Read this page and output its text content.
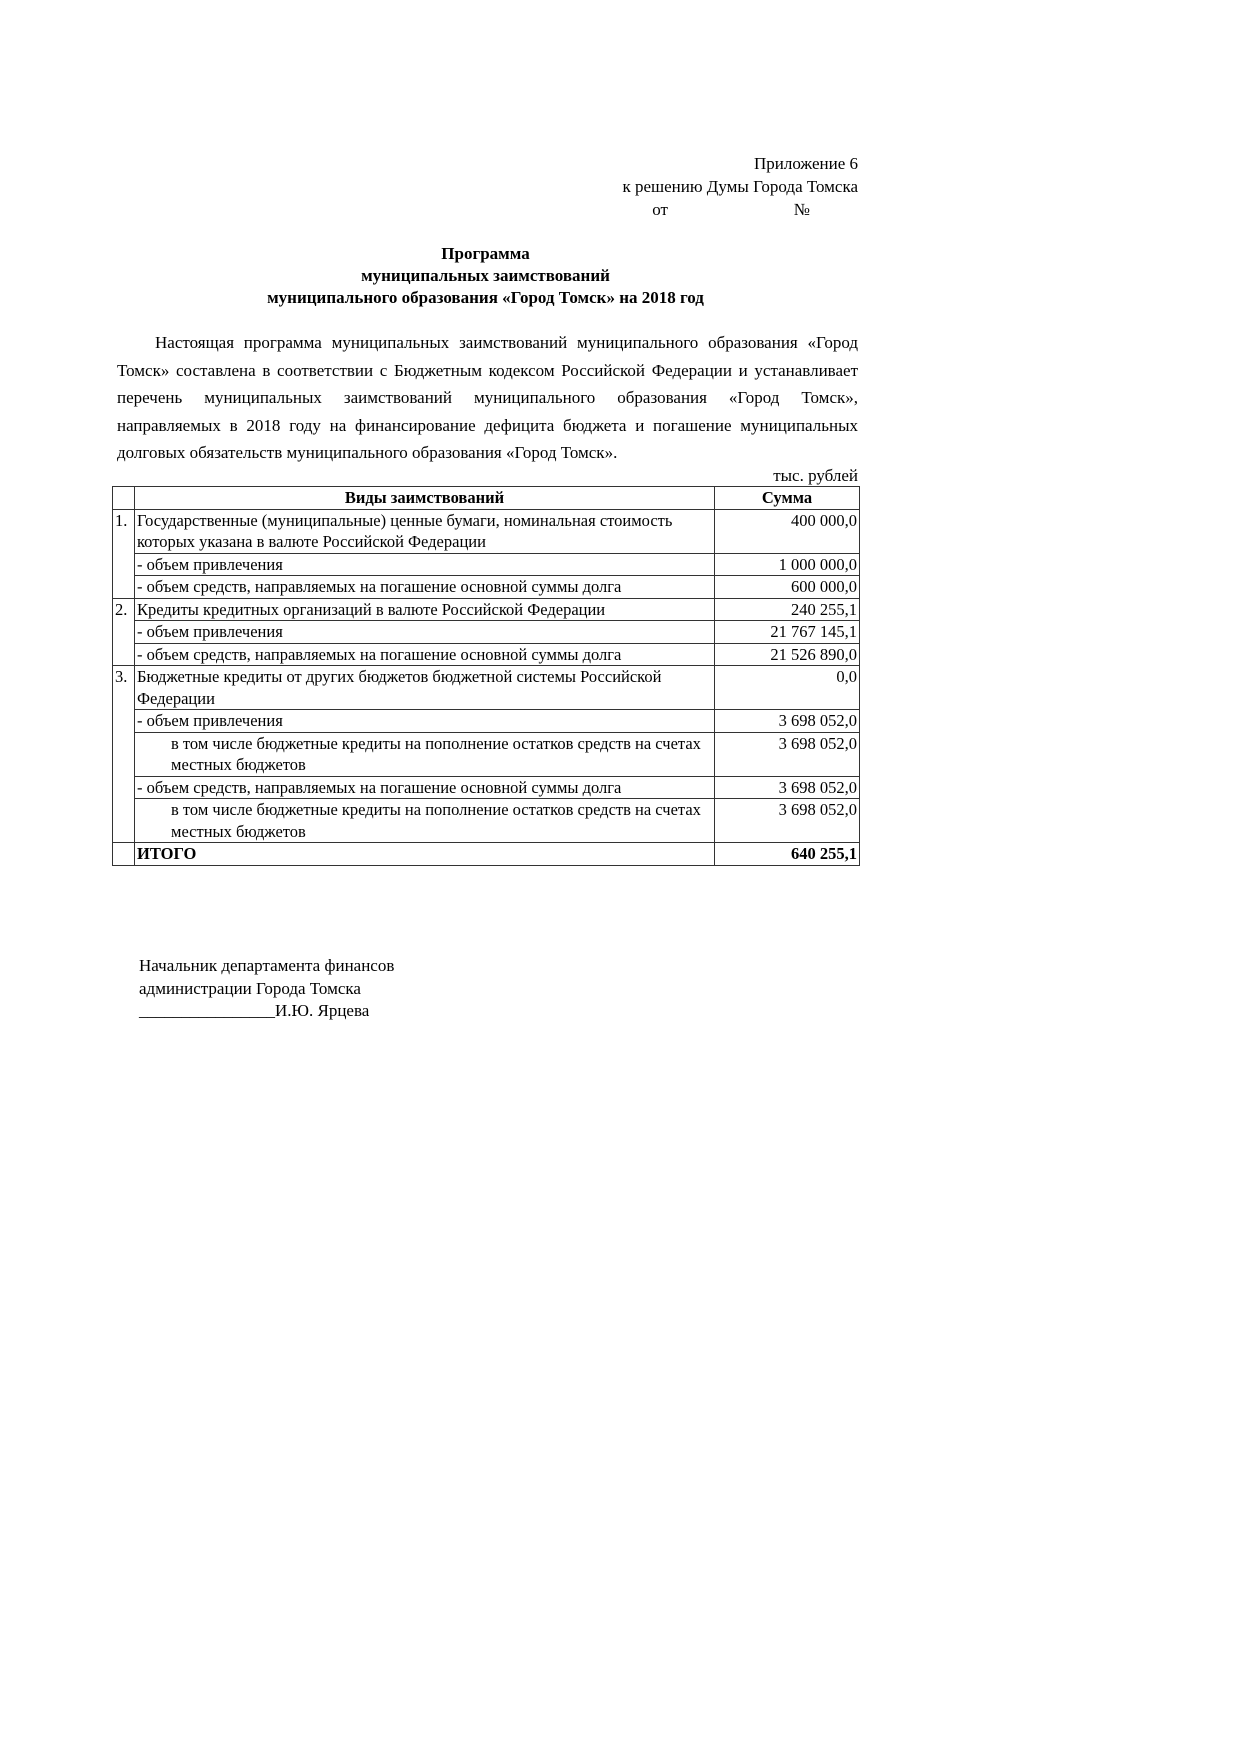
Приложение 6
к решению Думы Города Томска
от	№
Программа
муниципальных заимствований
муниципального образования «Город Томск» на 2018 год

Настоящая программа муниципальных заимствований муниципального образования «Город Томск» составлена в соответствии с Бюджетным кодексом Российской Федерации и устанавливает перечень муниципальных заимствований муниципального образования «Город Томск», направляемых в 2018 году на финансирование дефицита бюджета и погашение муниципальных долговых обязательств муниципального образования «Город Томск».

тыс. рублей
	Виды заимствований	Сумма
1.	Государственные (муниципальные) ценные бумаги, номинальная стоимость которых указана в валюте Российской Федерации	400 000,0
	- объем привлечения	1 000 000,0
	- объем средств, направляемых на погашение основной суммы долга	600 000,0
2.	Кредиты кредитных организаций в валюте Российской Федерации	240 255,1
	- объем привлечения	21 767 145,1
	- объем средств, направляемых на погашение основной суммы долга	21 526 890,0
3.	Бюджетные кредиты от других бюджетов бюджетной системы Российской Федерации	0,0
	- объем привлечения	3 698 052,0
	в том числе бюджетные кредиты на пополнение остатков средств на счетах местных бюджетов	3 698 052,0
	- объем средств, направляемых на погашение основной суммы долга	3 698 052,0
	в том числе бюджетные кредиты на пополнение остатков средств на счетах местных бюджетов	3 698 052,0
	ИТОГО	640 255,1
Начальник департамента финансов
администрации Города Томска
________________И.Ю. Ярцева
